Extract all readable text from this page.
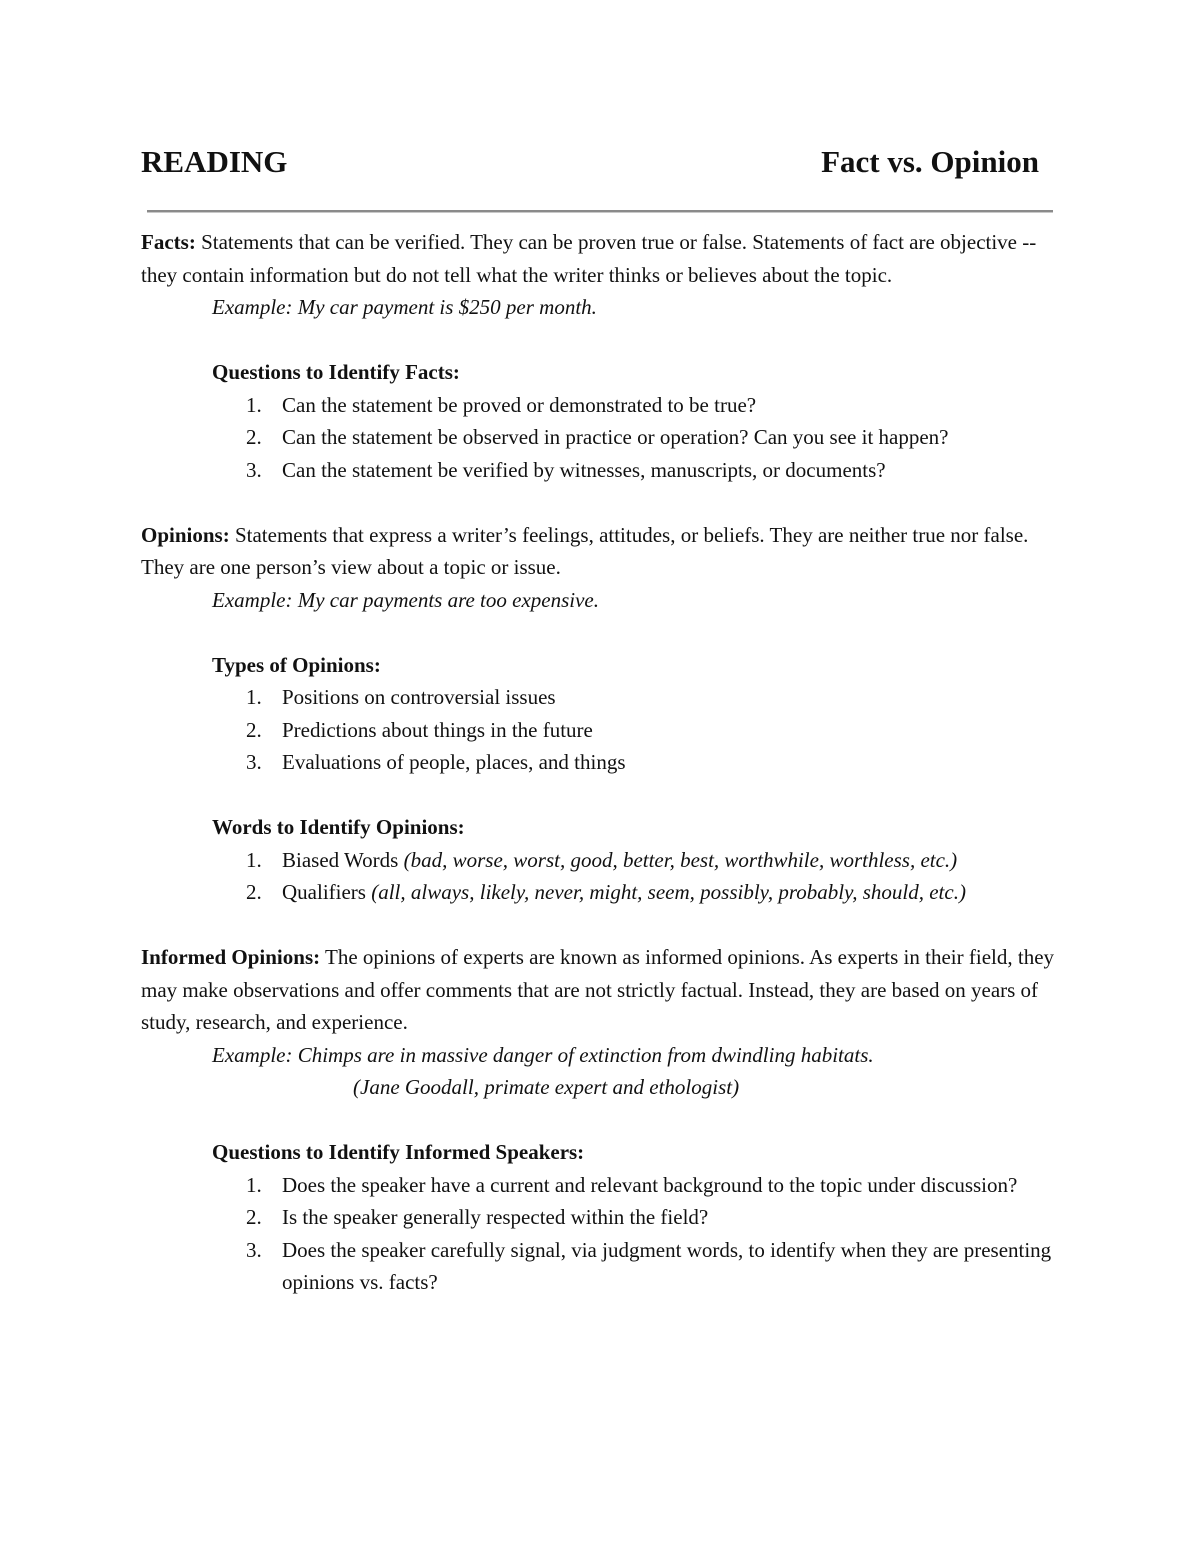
READING	Fact vs. Opinion

Facts: Statements that can be verified. They can be proven true or false. Statements of fact are objective -- they contain information but do not tell what the writer thinks or believes about the topic.

Example: My car payment is $250 per month.

Questions to Identify Facts:

1. Can the statement be proved or demonstrated to be true?
2. Can the statement be observed in practice or operation? Can you see it happen?
3. Can the statement be verified by witnesses, manuscripts, or documents?

Opinions: Statements that express a writer’s feelings, attitudes, or beliefs. They are neither true nor false. They are one person’s view about a topic or issue.

Example: My car payments are too expensive.

Types of Opinions:

1. Positions on controversial issues
2. Predictions about things in the future
3. Evaluations of people, places, and things

Words to Identify Opinions:

1. Biased Words (bad, worse, worst, good, better, best, worthwhile, worthless, etc.)
2. Qualifiers (all, always, likely, never, might, seem, possibly, probably, should, etc.)

Informed Opinions: The opinions of experts are known as informed opinions. As experts in their field, they may make observations and offer comments that are not strictly factual. Instead, they are based on years of study, research, and experience.

Example: Chimps are in massive danger of extinction from dwindling habitats.

(Jane Goodall, primate expert and ethologist)

Questions to Identify Informed Speakers:

1. Does the speaker have a current and relevant background to the topic under discussion?
2. Is the speaker generally respected within the field?
3. Does the speaker carefully signal, via judgment words, to identify when they are presenting opinions vs. facts?
